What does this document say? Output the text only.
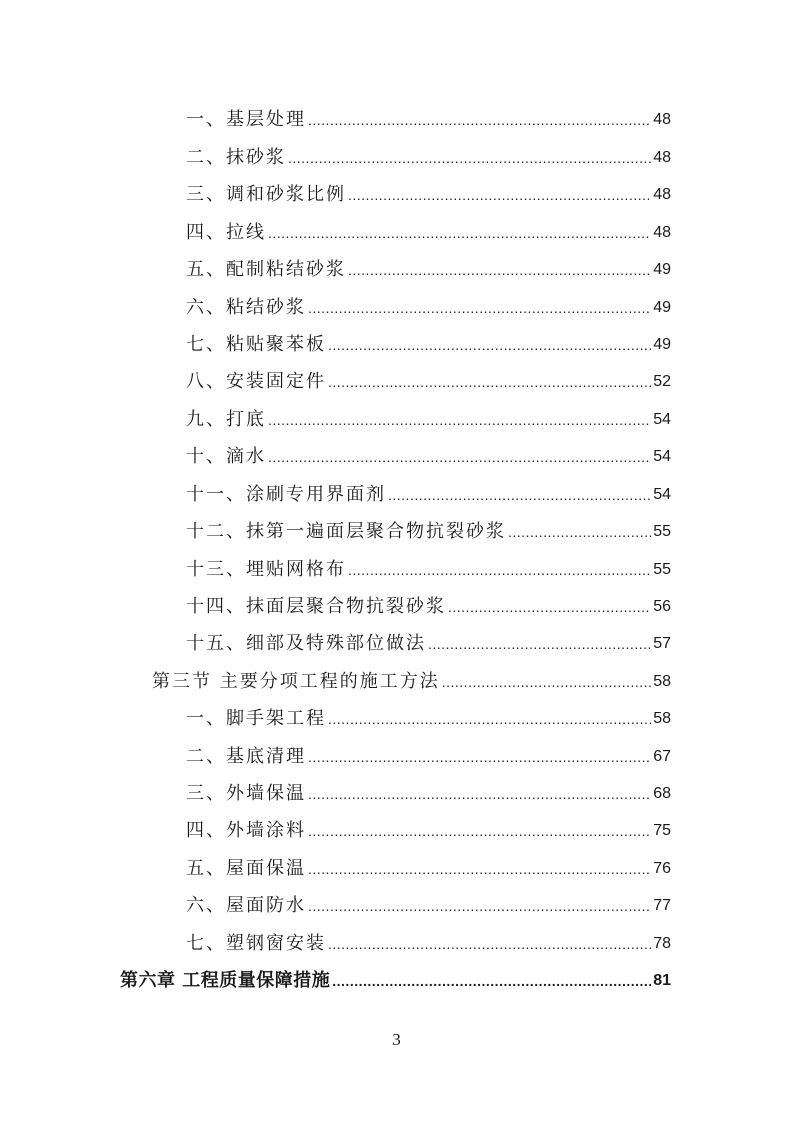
一、基层处理 .....	48
二、抹砂浆 .....	48
三、调和砂浆比例 .....	48
四、拉线 .....	48
五、配制粘结砂浆 .....	49
六、粘结砂浆 .....	49
七、粘贴聚苯板 .....	49
八、安装固定件 .....	52
九、打底 .....	54
十、滴水 .....	54
十一、涂刷专用界面剂 .....	54
十二、抹第一遍面层聚合物抗裂砂浆 .....	55
十三、埋贴网格布 .....	55
十四、抹面层聚合物抗裂砂浆 .....	56
十五、细部及特殊部位做法 .....	57
第三节 主要分项工程的施工方法 .....	58
一、脚手架工程 .....	58
二、基底清理 .....	67
三、外墙保温 .....	68
四、外墙涂料 .....	75
五、屋面保温 .....	76
六、屋面防水 .....	77
七、塑钢窗安装 .....	78
第六章 工程质量保障措施 .....	81
3
